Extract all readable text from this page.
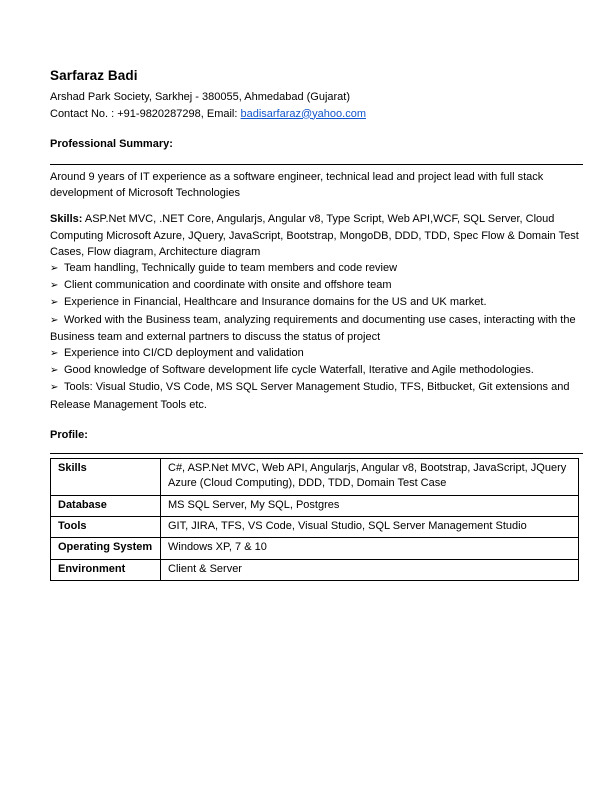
Sarfaraz Badi
Arshad Park Society, Sarkhej - 380055, Ahmedabad (Gujarat)
Contact No. : +91-9820287298, Email: badisarfaraz@yahoo.com
Professional Summary:
Around 9 years of IT experience as a software engineer, technical lead and project lead with full stack development of Microsoft Technologies
Skills: ASP.Net MVC, .NET Core, Angularjs, Angular v8, Type Script, Web API,WCF, SQL Server, Cloud Computing Microsoft Azure, JQuery, JavaScript, Bootstrap, MongoDB, DDD, TDD, Spec Flow & Domain Test Cases, Flow diagram, Architecture diagram
➢ Team handling, Technically guide to team members and code review
➢ Client communication and coordinate with onsite and offshore team
➢ Experience in Financial, Healthcare and Insurance domains for the US and UK market.
➢ Worked with the Business team, analyzing requirements and documenting use cases, interacting with the Business team and external partners to discuss the status of project
➢ Experience into CI/CD deployment and validation
➢ Good knowledge of Software development life cycle Waterfall, Iterative and Agile methodologies.
➢ Tools: Visual Studio, VS Code, MS SQL Server Management Studio, TFS, Bitbucket, Git extensions and Release Management Tools etc.
Profile:
Skills	C#, ASP.Net MVC, Web API, Angularjs, Angular v8, Bootstrap, JavaScript, JQuery Azure (Cloud Computing), DDD, TDD, Domain Test Case
Database	MS SQL Server, My SQL, Postgres
Tools	GIT, JIRA, TFS, VS Code, Visual Studio, SQL Server Management Studio
Operating System	Windows XP, 7 & 10
Environment	Client & Server
